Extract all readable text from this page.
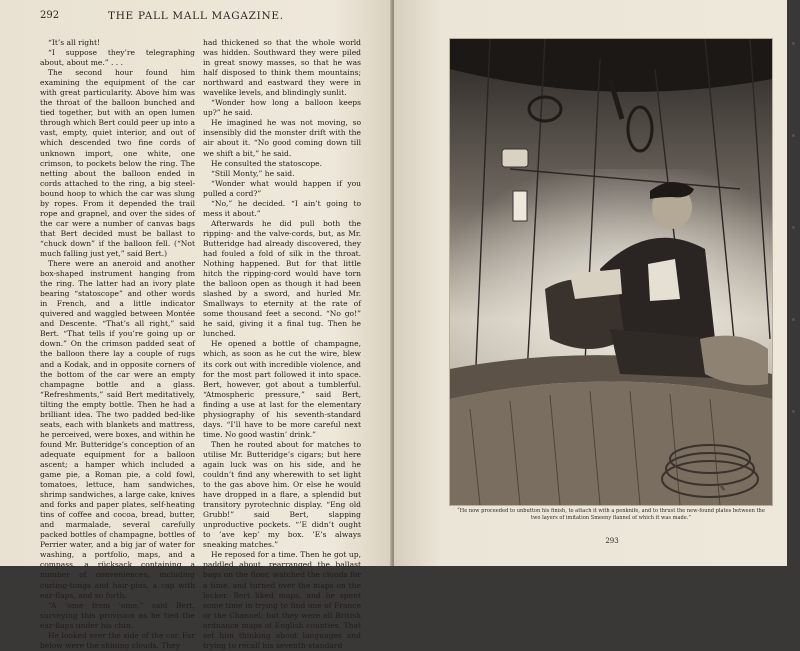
292	THE PALL MALL MAGAZINE.

“It’s all right!

“I suppose they’re telegraphing about, about me.” . . .

The second hour found him examining the equipment of the car with great particularity. Above him was the throat of the balloon bunched and tied together, but with an open lumen through which Bert could peer up into a vast, empty, quiet interior, and out of which descended two fine cords of unknown import, one white, one crimson, to pockets below the ring. The netting about the balloon ended in cords attached to the ring, a big steel-bound hoop to which the car was slung by ropes. From it depended the trail rope and grapnel, and over the sides of the car were a number of canvas bags that Bert decided must be ballast to “chuck down” if the balloon fell. (“Not much falling just yet,” said Bert.)

There were an aneroid and another box-shaped instrument hanging from the ring. The latter had an ivory plate bearing “statoscope” and other words in French, and a little indicator quivered and waggled between Montée and Descente. “That’s all right,” said Bert. “That tells if you’re going up or down.” On the crimson padded seat of the balloon there lay a couple of rugs and a Kodak, and in opposite corners of the bottom of the car were an empty champagne bottle and a glass. “Refreshments,” said Bert meditatively, tilting the empty bottle. Then he had a brilliant idea. The two padded bed-like seats, each with blankets and mattress, he perceived, were boxes, and within he found Mr. Butteridge’s conception of an adequate equipment for a balloon ascent; a hamper which included a game pie, a Roman pie, a cold fowl, tomatoes, lettuce, ham sandwiches, shrimp sandwiches, a large cake, knives and forks and paper plates, self-heating tins of coffee and cocoa, bread, butter, and marmalade, several carefully packed bottles of champagne, bottles of Perrier water, and a big jar of water for washing, a portfolio, maps, and a compass, a rücksack containing a number of conveniences, including curling-tongs and hair-pins, a cap with ear-flaps, and so forth.

“A ’ome from ’ome,” said Bert, surveying this provision as he tied the ear-flaps under his chin.

He looked over the side of the car. Far below were the shining clouds. They

had thickened so that the whole world was hidden. Southward they were piled in great snowy masses, so that he was half disposed to think them mountains; northward and eastward they were in wavelike levels, and blindingly sunlit.

“Wonder how long a balloon keeps up?” he said.

He imagined he was not moving, so insensibly did the monster drift with the air about it. “No good coming down till we shift a bit,” he said.

He consulted the statoscope.

“Still Monty,” he said.

“Wonder what would happen if you pulled a cord?”

“No,” he decided. “I ain’t going to mess it about.”

Afterwards he did pull both the ripping- and the valve-cords, but, as Mr. Butteridge had already discovered, they had fouled a fold of silk in the throat. Nothing happened. But for that little hitch the ripping-cord would have torn the balloon open as though it had been slashed by a sword, and hurled Mr. Smallways to eternity at the rate of some thousand feet a second. “No go!” he said, giving it a final tug. Then he lunched.

He opened a bottle of champagne, which, as soon as he cut the wire, blew its cork out with incredible violence, and for the most part followed it into space. Bert, however, got about a tumblerful. “Atmospheric pressure,” said Bert, finding a use at last for the elementary physiography of his seventh-standard days. “I’ll have to be more careful next time. No good wastin’ drink.”

Then he routed about for matches to utilise Mr. Butteridge’s cigars; but here again luck was on his side, and he couldn’t find any wherewith to set light to the gas above him. Or else he would have dropped in a flare, a splendid but transitory pyrotechnic display. “Eng old Grubb!” said Bert, slapping unproductive pockets. “’E didn’t ought to ’ave kep’ my box. ’E’s always sneaking matches.”

He reposed for a time. Then he got up, paddled about, rearranged the ballast bags on the floor, watched the clouds for a time, and turned over the maps on the locker. Bert liked maps, and he spent some time in trying to find one of France or the Channel; but they were all British ordnance maps of English counties. That set him thinking about languages and trying to recall his seventh-standard

✎
“He now proceeded to unbutton his finish, to attach it with a penknife, and to thrust the new-found plates between the two layers of imitation Smeeny flannel of which it was made.”
293
